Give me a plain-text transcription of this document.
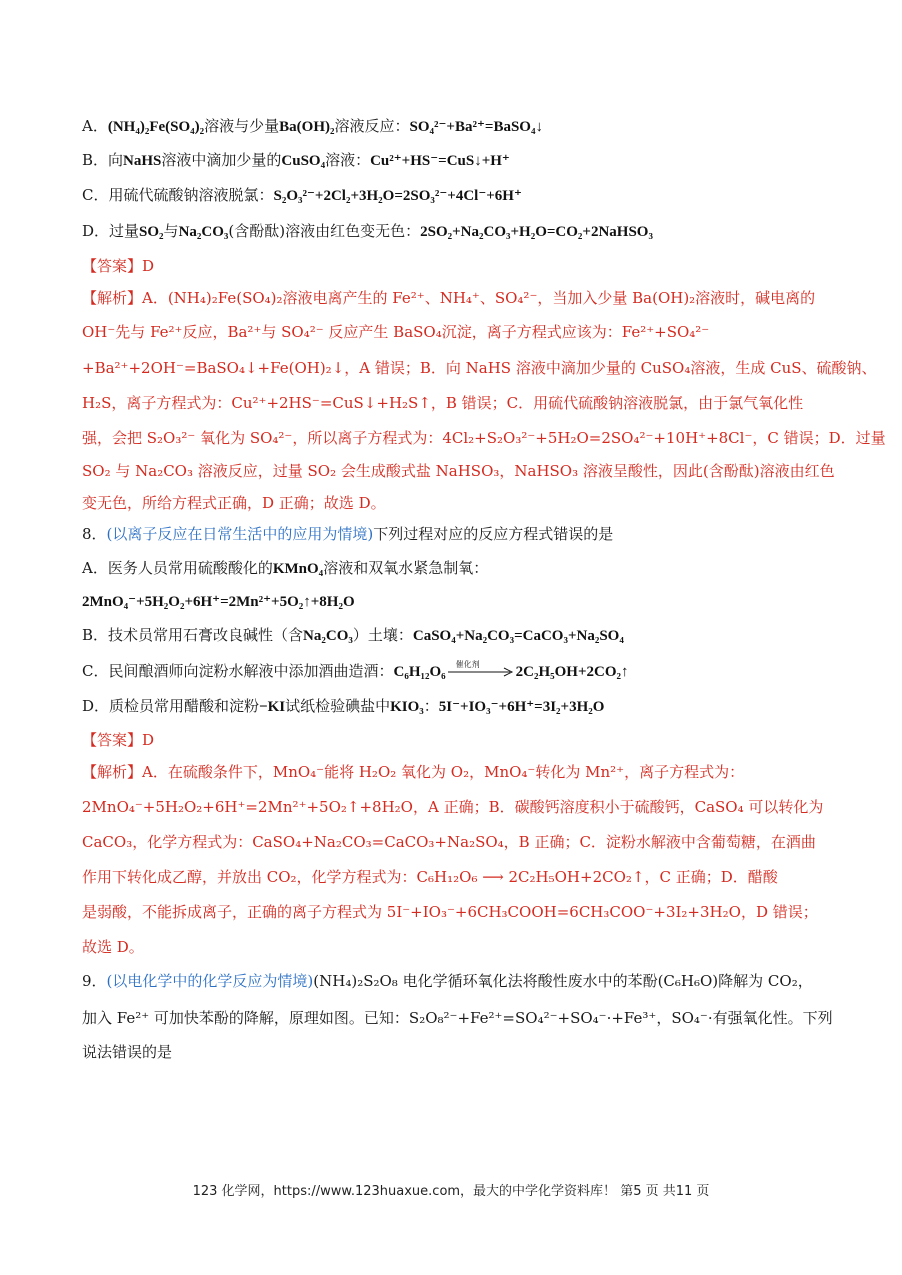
A．(NH₄)₂Fe(SO₄)₂溶液与少量Ba(OH)₂溶液反应：SO₄²⁻+Ba²⁺=BaSO₄↓
B．向NaHS溶液中滴加少量的CuSO₄溶液：Cu²⁺+HS⁻=CuS↓+H⁺
C．用硫代硫酸钠溶液脱氯：S₂O₃²⁻+2Cl₂+3H₂O=2SO₃²⁻+4Cl⁻+6H⁺
D．过量SO₂与Na₂CO₃(含酚酞)溶液由红色变无色：2SO₂+Na₂CO₃+H₂O=CO₂+2NaHSO₃
【答案】D
【解析】A．(NH₄)₂Fe(SO₄)₂溶液电离产生的 Fe²⁺、NH₄⁺、SO₄²⁻，当加入少量 Ba(OH)₂溶液时，碱电离的
OH⁻先与 Fe²⁺反应，Ba²⁺与 SO₄²⁻ 反应产生 BaSO₄沉淀，离子方程式应该为：Fe²⁺+SO₄²⁻
+Ba²⁺+2OH⁻=BaSO₄↓+Fe(OH)₂↓，A 错误；B．向 NaHS 溶液中滴加少量的 CuSO₄溶液，生成 CuS、硫酸钠、
H₂S，离子方程式为：Cu²⁺+2HS⁻=CuS↓+H₂S↑，B 错误；C．用硫代硫酸钠溶液脱氯，由于氯气氧化性
强，会把 S₂O₃²⁻ 氧化为 SO₄²⁻，所以离子方程式为：4Cl₂+S₂O₃²⁻+5H₂O=2SO₄²⁻+10H⁺+8Cl⁻，C 错误；D．过量
SO₂ 与 Na₂CO₃ 溶液反应，过量 SO₂ 会生成酸式盐 NaHSO₃，NaHSO₃ 溶液呈酸性，因此(含酚酞)溶液由红色
变无色，所给方程式正确，D 正确；故选 D。
8．(以离子反应在日常生活中的应用为情境)下列过程对应的反应方程式错误的是
A．医务人员常用硫酸酸化的KMnO₄溶液和双氧水紧急制氧：
2MnO₄⁻+5H₂O₂+6H⁺=2Mn²⁺+5O₂↑+8H₂O
B．技术员常用石膏改良碱性（含Na₂CO₃）土壤：CaSO₄+Na₂CO₃=CaCO₃+Na₂SO₄
C．民间酿酒师向淀粉水解液中添加酒曲造酒：C₆H₁₂O₆ 催化剂 2C₂H₅OH+2CO₂↑
D．质检员常用醋酸和淀粉−KI试纸检验碘盐中KIO₃：5I⁻+IO₃⁻+6H⁺=3I₂+3H₂O
【答案】D
【解析】A．在硫酸条件下，MnO₄⁻能将 H₂O₂ 氧化为 O₂，MnO₄⁻转化为 Mn²⁺，离子方程式为：
2MnO₄⁻+5H₂O₂+6H⁺=2Mn²⁺+5O₂↑+8H₂O，A 正确；B．碳酸钙溶度积小于硫酸钙，CaSO₄ 可以转化为
CaCO₃，化学方程式为：CaSO₄+Na₂CO₃=CaCO₃+Na₂SO₄，B 正确；C．淀粉水解液中含葡萄糖，在酒曲
作用下转化成乙醇，并放出 CO₂，化学方程式为：C₆H₁₂O₆ ⟶ 2C₂H₅OH+2CO₂↑，C 正确；D．醋酸
是弱酸，不能拆成离子，正确的离子方程式为 5I⁻+IO₃⁻+6CH₃COOH=6CH₃COO⁻+3I₂+3H₂O，D 错误；
故选 D。
9．(以电化学中的化学反应为情境)(NH₄)₂S₂O₈ 电化学循环氧化法将酸性废水中的苯酚(C₆H₆O)降解为 CO₂，
加入 Fe²⁺ 可加快苯酚的降解，原理如图。已知：S₂O₈²⁻+Fe²⁺=SO₄²⁻+SO₄⁻·+Fe³⁺，SO₄⁻·有强氧化性。下列
说法错误的是
123 化学网，https://www.123huaxue.com，最大的中学化学资料库！ 第5 页 共11 页
